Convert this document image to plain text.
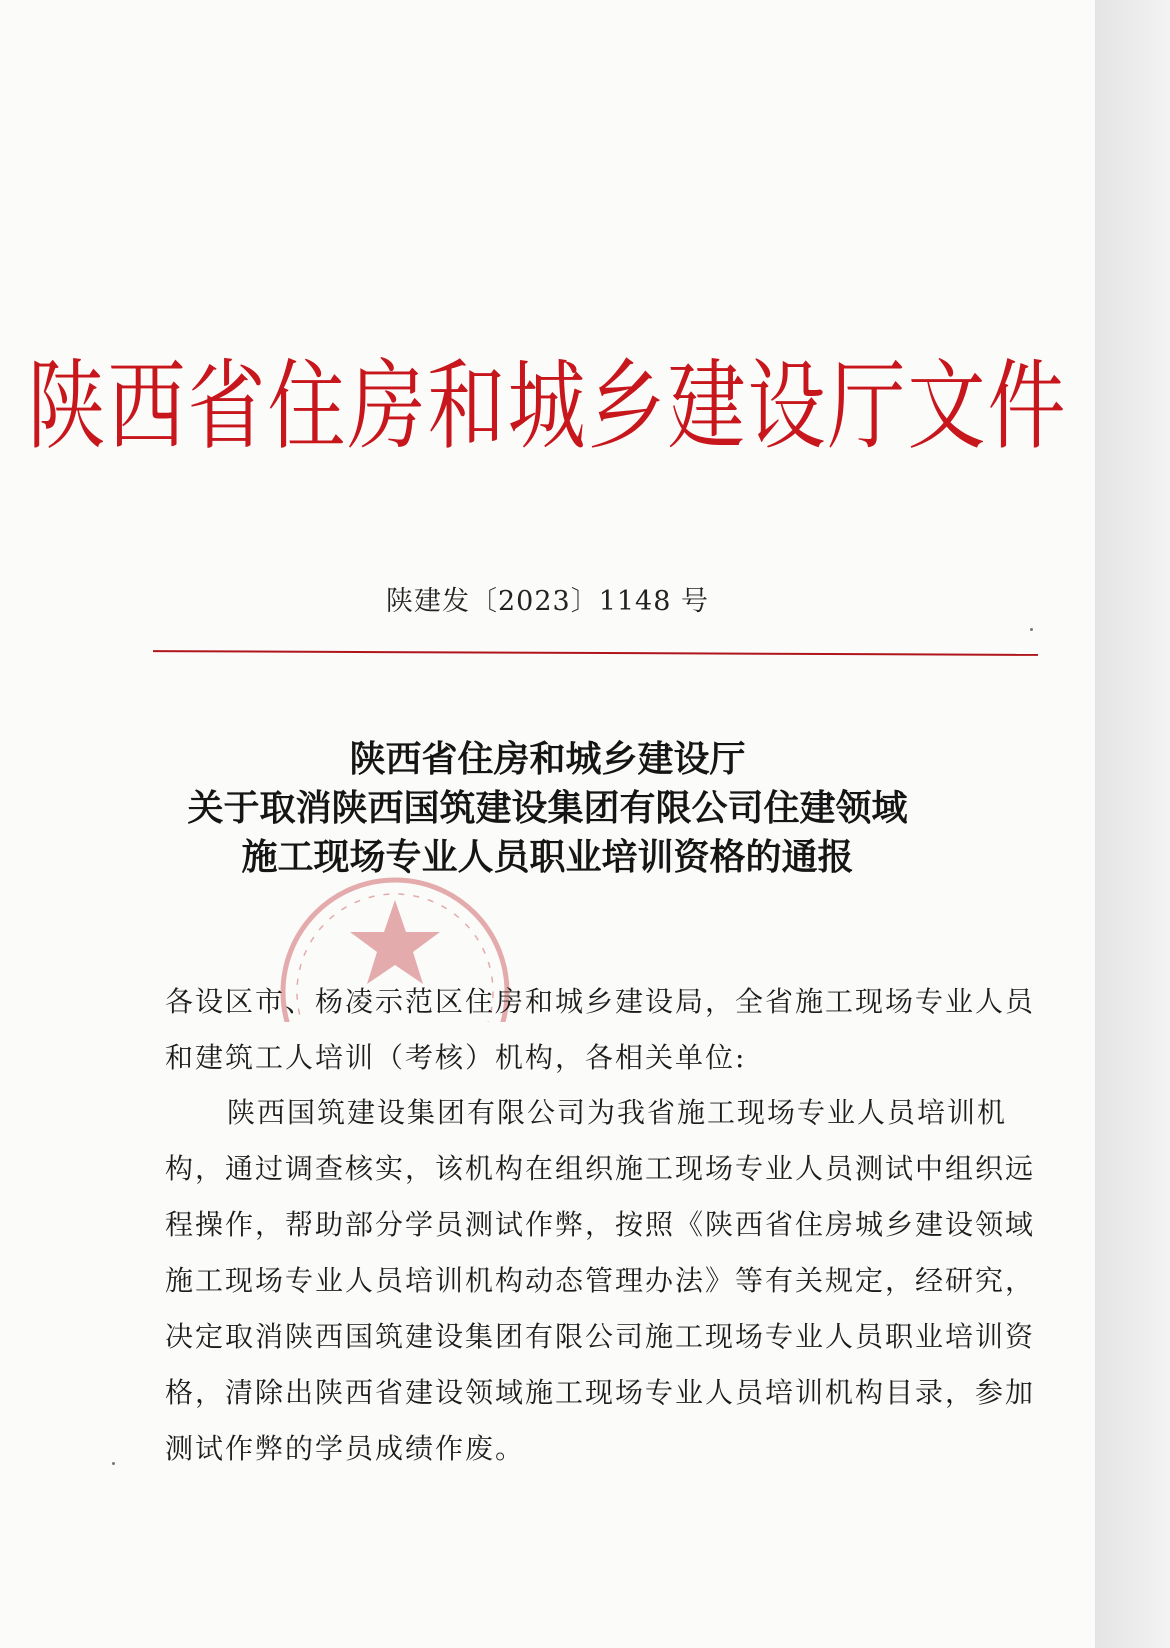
陕西省住房和城乡建设厅文件
陕建发〔2023〕1148 号
陕西省住房和城乡建设厅
关于取消陕西国筑建设集团有限公司住建领域
施工现场专业人员职业培训资格的通报
各设区市、杨凌示范区住房和城乡建设局，全省施工现场专业人员和建筑工人培训（考核）机构，各相关单位:
陕西国筑建设集团有限公司为我省施工现场专业人员培训机构，通过调查核实，该机构在组织施工现场专业人员测试中组织远程操作，帮助部分学员测试作弊，按照《陕西省住房城乡建设领域施工现场专业人员培训机构动态管理办法》等有关规定，经研究，决定取消陕西国筑建设集团有限公司施工现场专业人员职业培训资格，清除出陕西省建设领域施工现场专业人员培训机构目录，参加测试作弊的学员成绩作废。
